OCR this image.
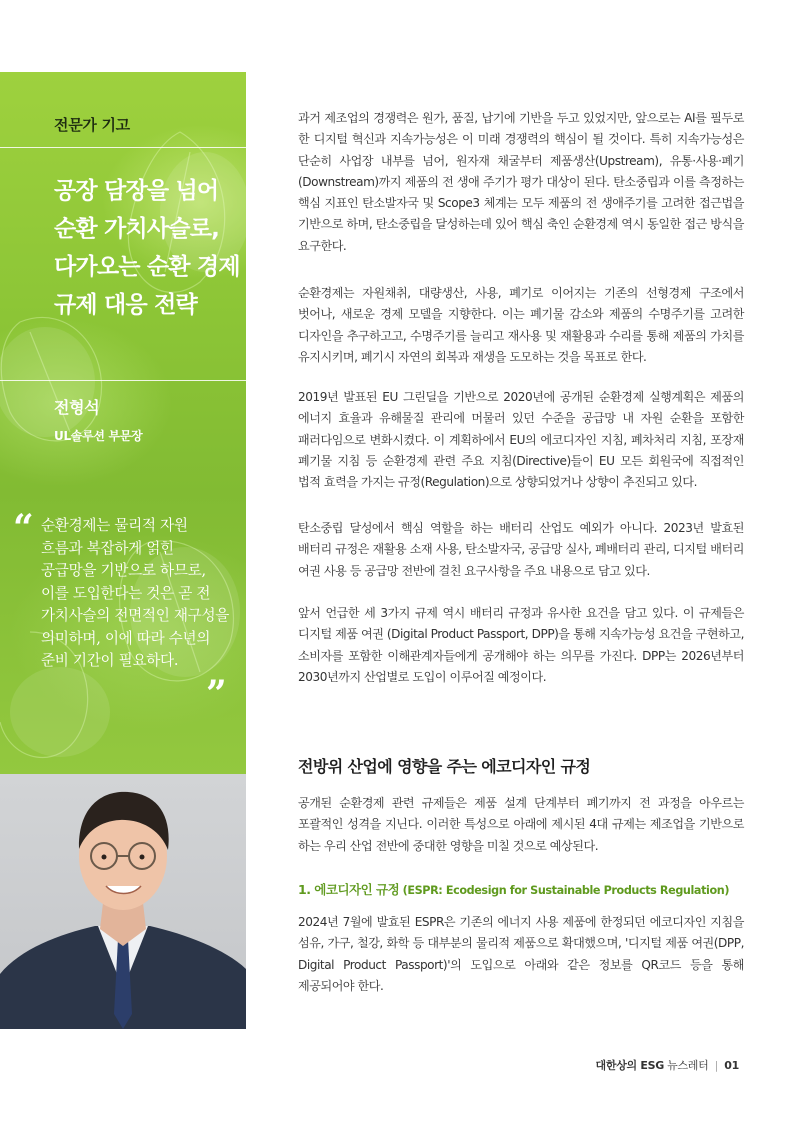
전문가 기고
공장 담장을 넘어 순환 가치사슬로, 다가오는 순환 경제 규제 대응 전략
전형석
UL솔루션 부문장
“ 순환경제는 물리적 자원 흐름과 복잡하게 얽힌 공급망을 기반으로 하므로, 이를 도입한다는 것은 곧 전 가치사슬의 전면적인 재구성을 의미하며, 이에 따라 수년의 준비 기간이 필요하다.
”

과거 제조업의 경쟁력은 원가, 품질, 납기에 기반을 두고 있었지만, 앞으로는 AI를 필두로 한 디지털 혁신과 지속가능성은 이 미래 경쟁력의 핵심이 될 것이다. 특히 지속가능성은 단순히 사업장 내부를 넘어, 원자재 채굴부터 제품생산(Upstream), 유통·사용·폐기(Downstream)까지 제품의 전 생애 주기가 평가 대상이 된다. 탄소중립과 이를 측정하는 핵심 지표인 탄소발자국 및 Scope3 체계는 모두 제품의 전 생애주기를 고려한 접근법을 기반으로 하며, 탄소중립을 달성하는데 있어 핵심 축인 순환경제 역시 동일한 접근 방식을 요구한다.

순환경제는 자원채취, 대량생산, 사용, 폐기로 이어지는 기존의 선형경제 구조에서 벗어나, 새로운 경제 모델을 지향한다. 이는 폐기물 감소와 제품의 수명주기를 고려한 디자인을 추구하고고, 수명주기를 늘리고 재사용 및 재활용과 수리를 통해 제품의 가치를 유지시키며, 폐기시 자연의 회복과 재생을 도모하는 것을 목표로 한다.

2019년 발표된 EU 그린딜을 기반으로 2020년에 공개된 순환경제 실행계획은 제품의 에너지 효율과 유해물질 관리에 머물러 있던 수준을 공급망 내 자원 순환을 포함한 패러다임으로 변화시켰다. 이 계획하에서 EU의 에코디자인 지침, 폐차처리 지침, 포장재 폐기물 지침 등 순환경제 관련 주요 지침(Directive)들이 EU 모든 회원국에 직접적인 법적 효력을 가지는 규정(Regulation)으로 상향되었거나 상향이 추진되고 있다.

탄소중립 달성에서 핵심 역할을 하는 배터리 산업도 예외가 아니다. 2023년 발효된 배터리 규정은 재활용 소재 사용, 탄소발자국, 공급망 실사, 폐배터리 관리, 디지털 배터리 여권 사용 등 공급망 전반에 걸친 요구사항을 주요 내용으로 담고 있다.

앞서 언급한 세 3가지 규제 역시 배터리 규정과 유사한 요건을 담고 있다. 이 규제들은 디지털 제품 여권 (Digital Product Passport, DPP)을 통해 지속가능성 요건을 구현하고, 소비자를 포함한 이해관계자들에게 공개해야 하는 의무를 가진다. DPP는 2026년부터 2030년까지 산업별로 도입이 이루어질 예정이다.

전방위 산업에 영향을 주는 에코디자인 규정

공개된 순환경제 관련 규제들은 제품 설계 단계부터 폐기까지 전 과정을 아우르는 포괄적인 성격을 지닌다. 이러한 특성으로 아래에 제시된 4대 규제는 제조업을 기반으로 하는 우리 산업 전반에 중대한 영향을 미칠 것으로 예상된다.

1. 에코디자인 규정 (ESPR: Ecodesign for Sustainable Products Regulation)

2024년 7월에 발효된 ESPR은 기존의 에너지 사용 제품에 한정되던 에코디자인 지침을 섬유, 가구, 철강, 화학 등 대부분의 물리적 제품으로 확대했으며, '디지털 제품 여권(DPP, Digital Product Passport)'의 도입으로 아래와 같은 정보를 QR코드 등을 통해 제공되어야 한다.

대한상의 ESG 뉴스레터 | 01
